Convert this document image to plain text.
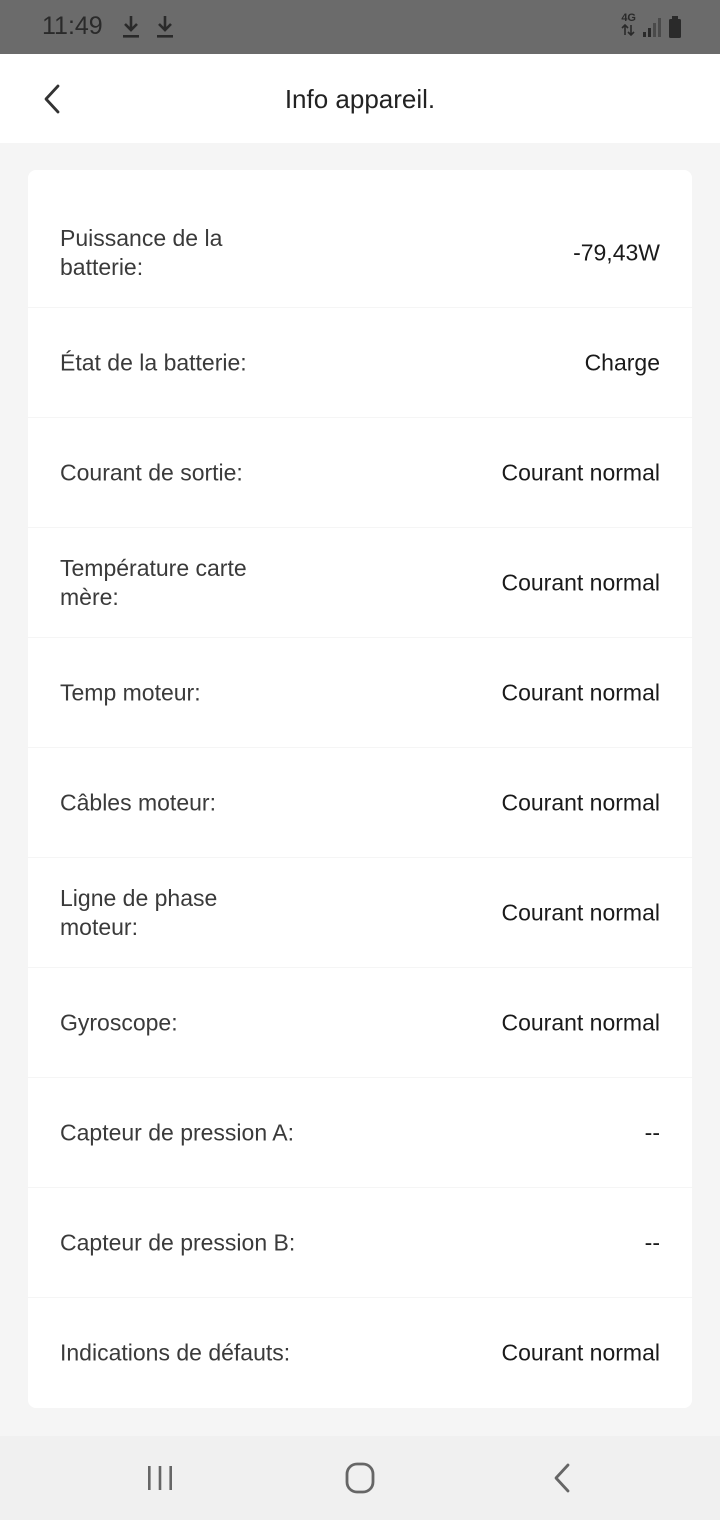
11:49	4G
Info appareil.
Puissance de la batterie:
-79,43W
État de la batterie:	Charge
Courant de sortie:	Courant normal
Température carte mère:
Courant normal
Temp moteur:	Courant normal
Câbles moteur:	Courant normal
Ligne de phase moteur:
Courant normal
Gyroscope:	Courant normal
Capteur de pression A:	--
Capteur de pression B:	--
Indications de défauts:	Courant normal
